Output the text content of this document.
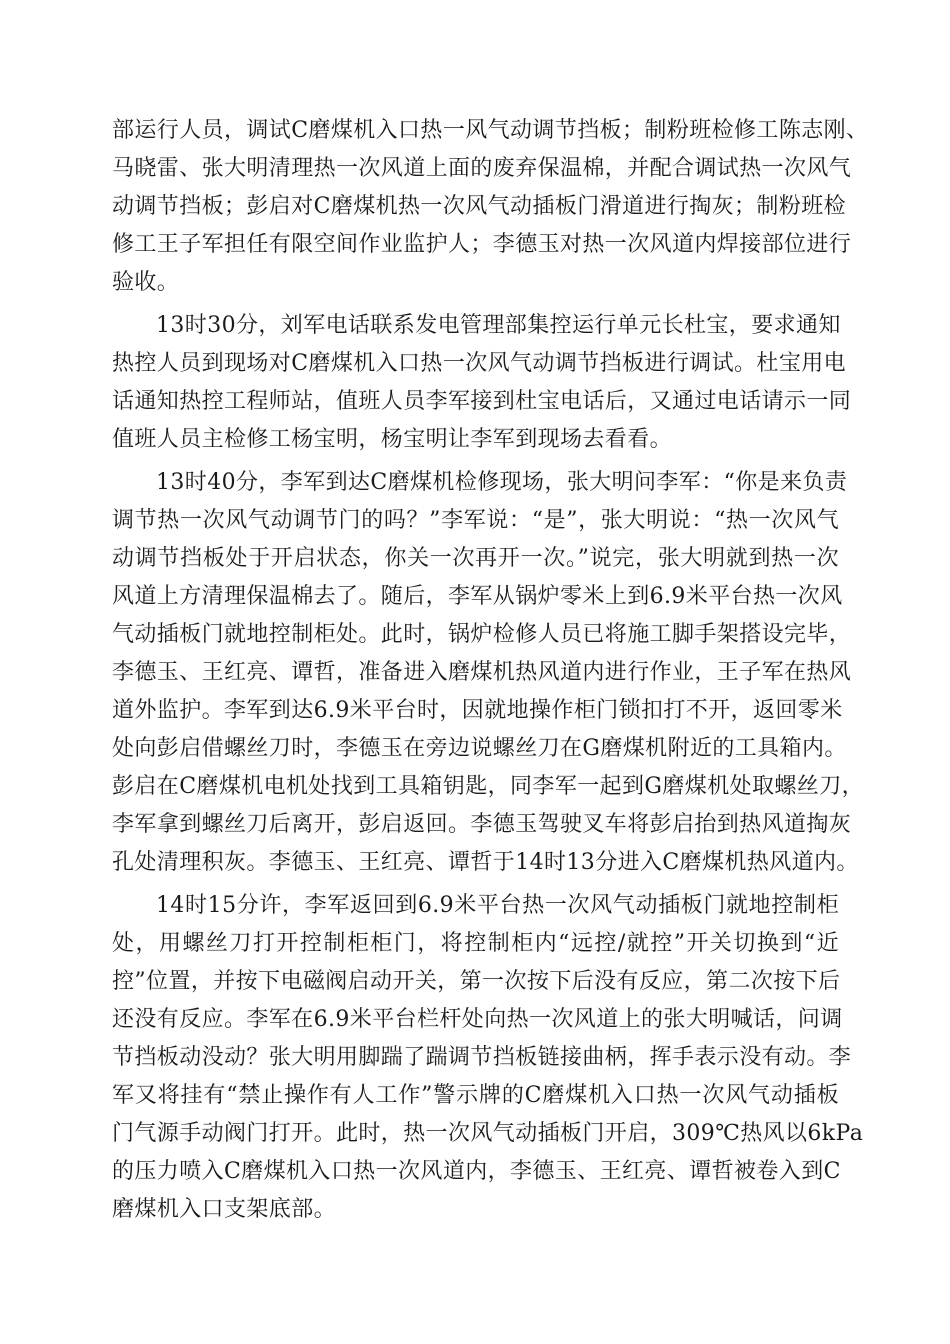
部运行人员，调试C磨煤机入口热一风气动调节挡板；制粉班检修工陈志刚、
马晓雷、张大明清理热一次风道上面的废弃保温棉，并配合调试热一次风气
动调节挡板；彭启对C磨煤机热一次风气动插板门滑道进行掏灰；制粉班检
修工王子军担任有限空间作业监护人；李德玉对热一次风道内焊接部位进行
验收。
13时30分，刘军电话联系发电管理部集控运行单元长杜宝，要求通知
热控人员到现场对C磨煤机入口热一次风气动调节挡板进行调试。杜宝用电
话通知热控工程师站，值班人员李军接到杜宝电话后，又通过电话请示一同
值班人员主检修工杨宝明，杨宝明让李军到现场去看看。
13时40分，李军到达C磨煤机检修现场，张大明问李军：“你是来负责
调节热一次风气动调节门的吗？”李军说：“是”，张大明说：“热一次风气
动调节挡板处于开启状态，你关一次再开一次。”说完，张大明就到热一次
风道上方清理保温棉去了。随后，李军从锅炉零米上到6.9米平台热一次风
气动插板门就地控制柜处。此时，锅炉检修人员已将施工脚手架搭设完毕，
李德玉、王红亮、谭哲，准备进入磨煤机热风道内进行作业，王子军在热风
道外监护。李军到达6.9米平台时，因就地操作柜门锁扣打不开，返回零米
处向彭启借螺丝刀时，李德玉在旁边说螺丝刀在G磨煤机附近的工具箱内。
彭启在C磨煤机电机处找到工具箱钥匙，同李军一起到G磨煤机处取螺丝刀，
李军拿到螺丝刀后离开，彭启返回。李德玉驾驶叉车将彭启抬到热风道掏灰
孔处清理积灰。李德玉、王红亮、谭哲于14时13分进入C磨煤机热风道内。
14时15分许，李军返回到6.9米平台热一次风气动插板门就地控制柜
处，用螺丝刀打开控制柜柜门，将控制柜内“远控/就控”开关切换到“近
控”位置，并按下电磁阀启动开关，第一次按下后没有反应，第二次按下后
还没有反应。李军在6.9米平台栏杆处向热一次风道上的张大明喊话，问调
节挡板动没动？张大明用脚踹了踹调节挡板链接曲柄，挥手表示没有动。李
军又将挂有“禁止操作有人工作”警示牌的C磨煤机入口热一次风气动插板
门气源手动阀门打开。此时，热一次风气动插板门开启，309℃热风以6kPa
的压力喷入C磨煤机入口热一次风道内，李德玉、王红亮、谭哲被卷入到C
磨煤机入口支架底部。
